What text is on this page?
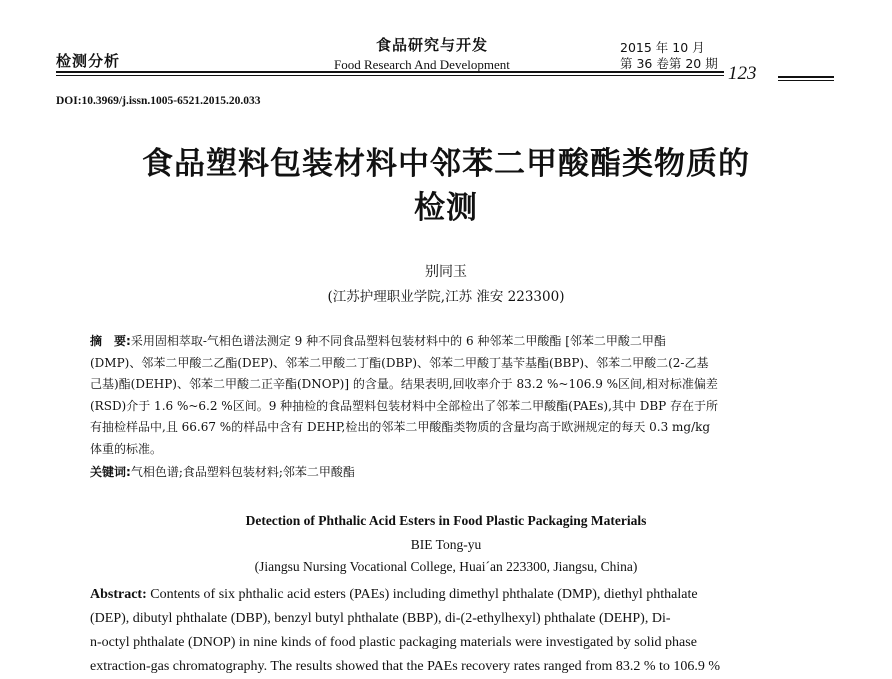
检测分析
食品研究与开发
Food Research And Development
2015 年 10 月
第 36 卷第 20 期 123
DOI:10.3969/j.issn.1005-6521.2015.20.033
食品塑料包装材料中邻苯二甲酸酯类物质的
检测
别同玉
(江苏护理职业学院,江苏 淮安 223300)
摘　要:采用固相萃取-气相色谱法测定 9 种不同食品塑料包装材料中的 6 种邻苯二甲酸酯 [邻苯二甲酸二甲酯
(DMP)、邻苯二甲酸二乙酯(DEP)、邻苯二甲酸二丁酯(DBP)、邻苯二甲酸丁基苄基酯(BBP)、邻苯二甲酸二(2-乙基
己基)酯(DEHP)、邻苯二甲酸二正辛酯(DNOP)] 的含量。结果表明,回收率介于 83.2 %~106.9 %区间,相对标准偏差
(RSD)介于 1.6 %~6.2 %区间。9 种抽检的食品塑料包装材料中全部检出了邻苯二甲酸酯(PAEs),其中 DBP 存在于所
有抽检样品中,且 66.67 %的样品中含有 DEHP,检出的邻苯二甲酸酯类物质的含量均高于欧洲规定的每天 0.3 mg/kg
体重的标准。
关键词:气相色谱;食品塑料包装材料;邻苯二甲酸酯
Detection of Phthalic Acid Esters in Food Plastic Packaging Materials
BIE Tong-yu
(Jiangsu Nursing Vocational College, Huai´an 223300, Jiangsu, China)
Abstract: Contents of six phthalic acid esters (PAEs) including dimethyl phthalate (DMP), diethyl phthalate
(DEP), dibutyl phthalate (DBP), benzyl butyl phthalate (BBP), di-(2-ethylhexyl) phthalate (DEHP), Di-
n-octyl phthalate (DNOP) in nine kinds of food plastic packaging materials were investigated by solid phase
extraction-gas chromatography. The results showed that the PAEs recovery rates ranged from 83.2 % to 106.9 %
